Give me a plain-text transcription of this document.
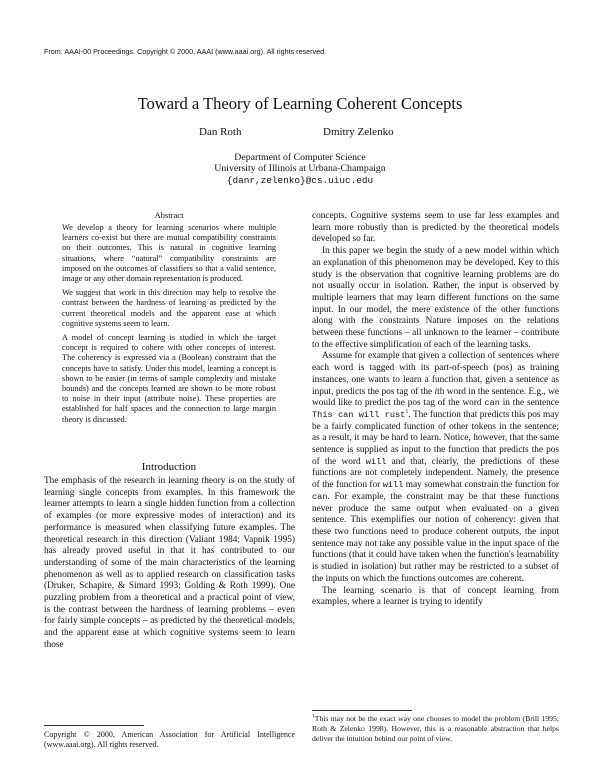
From: AAAI-00 Proceedings. Copyright © 2000, AAAI (www.aaai.org). All rights reserved.
Toward a Theory of Learning Coherent Concepts
Dan Roth	Dmitry Zelenko
Department of Computer Science
University of Illinois at Urbana-Champaign
{danr,zelenko}@cs.uiuc.edu
Abstract

We develop a theory for learning scenarios where multiple learners co-exist but there are mutual compatibility constraints on their outcomes. This is natural in cognitive learning situations, where “natural” compatibility constraints are imposed on the outcomes of classifiers so that a valid sentence, image or any other domain representation is produced.

We suggest that work in this direction may help to resolve the contrast between the hardness of learning as predicted by the current theoretical models and the apparent ease at which cognitive systems seem to learn.

A model of concept learning is studied in which the target concept is required to cohere with other concepts of interest. The coherency is expressed via a (Boolean) constraint that the concepts have to satisfy. Under this model, learning a concept is shown to be easier (in terms of sample complexity and mistake bounds) and the concepts learned are shown to be more robust to noise in their input (attribute noise). These properties are established for half spaces and the connection to large margin theory is discussed.

Introduction

The emphasis of the research in learning theory is on the study of learning single concepts from examples. In this framework the learner attempts to learn a single hidden function from a collection of examples (or more expressive modes of interaction) and its performance is measured when classifying future examples. The theoretical research in this direction (Valiant 1984; Vapnik 1995) has already proved useful in that it has contributed to our understanding of some of the main characteristics of the learning phenomenon as well as to applied research on classification tasks (Druker, Schapire, & Simard 1993; Golding & Roth 1999). One puzzling problem from a theoretical and a practical point of view, is the contrast between the hardness of learning problems – even for fairly simple concepts – as predicted by the theoretical models, and the apparent ease at which cognitive systems seem to learn those

concepts. Cognitive systems seem to use far less examples and learn more robustly than is predicted by the theoretical models developed so far.

In this paper we begin the study of a new model within which an explanation of this phenomenon may be developed. Key to this study is the observation that cognitive learning problems are do not usually occur in isolation. Rather, the input is observed by multiple learners that may learn different functions on the same input. In our model, the mere existence of the other functions along with the constraints Nature imposes on the relations between these functions – all unknown to the learner – contribute to the effective simplification of each of the learning tasks.

Assume for example that given a collection of sentences where each word is tagged with its part-of-speech (pos) as training instances, one wants to learn a function that, given a sentence as input, predicts the pos tag of the ith word in the sentence. E.g., we would like to predict the pos tag of the word can in the sentence This can will rust$^1$. The function that predicts this pos may be a fairly complicated function of other tokens in the sentence; as a result, it may be hard to learn. Notice, however, that the same sentence is supplied as input to the function that predicts the pos of the word will and that, clearly, the predictions of these functions are not completely independent. Namely, the presence of the function for will may somewhat constrain the function for can. For example, the constraint may be that these functions never produce the same output when evaluated on a given sentence. This exemplifies our notion of coherency: given that these two functions need to produce coherent outputs, the input sentence may not take any possible value in the input space of the functions (that it could have taken when the function's learnability is studied in isolation) but rather may be restricted to a subset of the inputs on which the functions outcomes are coherent.

The learning scenario is that of concept learning from examples, where a learner is trying to identify

Copyright © 2000, American Association for Artificial Intelligence (www.aaai.org). All rights reserved.
$^1$This may not be the exact way one chooses to model the problem (Brill 1995; Roth & Zelenko 1998). However, this is a reasonable abstraction that helps deliver the intuition behind our point of view.
